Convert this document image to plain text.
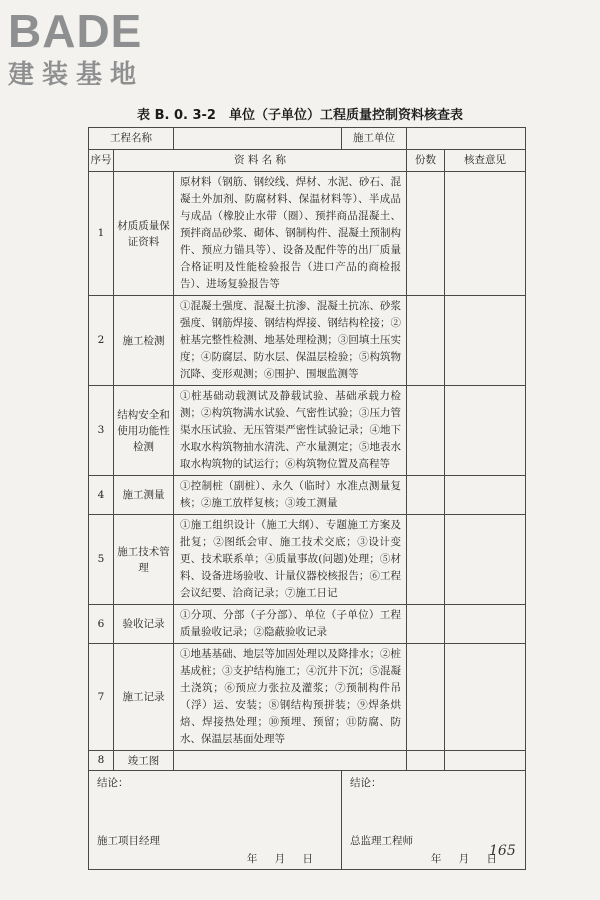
BADE
建装基地
表 B. 0. 3-2　单位（子单位）工程质量控制资料核查表
工程名称			施工单位		
序号	资 料 名 称			份数	核查意见
1	材质质量保证资料	原材料（钢筋、钢绞线、焊材、水泥、砂石、混凝土外加剂、防腐材料、保温材料等）、半成品与成品（橡胶止水带（圈）、预拌商品混凝土、预拌商品砂浆、砌体、钢制构件、混凝土预制构件、预应力锚具等）、设备及配件等的出厂质量合格证明及性能检验报告（进口产品的商检报告）、进场复验报告等			
2	施工检测	①混凝土强度、混凝土抗渗、混凝土抗冻、砂浆强度、钢筋焊接、钢结构焊接、钢结构栓接；②桩基完整性检测、地基处理检测；③回填土压实度；④防腐层、防水层、保温层检验；⑤构筑物沉降、变形观测；⑥围护、围堰监测等			
3	结构安全和使用功能性检测	①桩基础动载测试及静载试验、基础承载力检测；②构筑物满水试验、气密性试验；③压力管渠水压试验、无压管渠严密性试验记录；④地下水取水构筑物抽水清洗、产水量测定；⑤地表水取水构筑物的试运行；⑥构筑物位置及高程等			
4	施工测量	①控制桩（副桩）、永久（临时）水准点测量复核；②施工放样复核；③竣工测量			
5	施工技术管理	①施工组织设计（施工大纲）、专题施工方案及批复；②图纸会审、施工技术交底；③设计变更、技术联系单；④质量事故(问题)处理；⑤材料、设备进场验收、计量仪器校核报告；⑥工程会议纪要、洽商记录；⑦施工日记			
6	验收记录	①分项、分部（子分部）、单位（子单位）工程质量验收记录；②隐蔽验收记录			
7	施工记录	①地基基础、地层等加固处理以及降排水；②桩基成桩；③支护结构施工；④沉井下沉；⑤混凝土浇筑；⑥预应力张拉及灌浆；⑦预制构件吊（浮）运、安装；⑧钢结构预拼装；⑨焊条烘焙、焊接热处理；⑩预埋、预留；⑪防腐、防水、保温层基面处理等			
8	竣工图				

结论：
施工项目经理
年 月 日			结论：
总监理工程师
年 月 日		
165
